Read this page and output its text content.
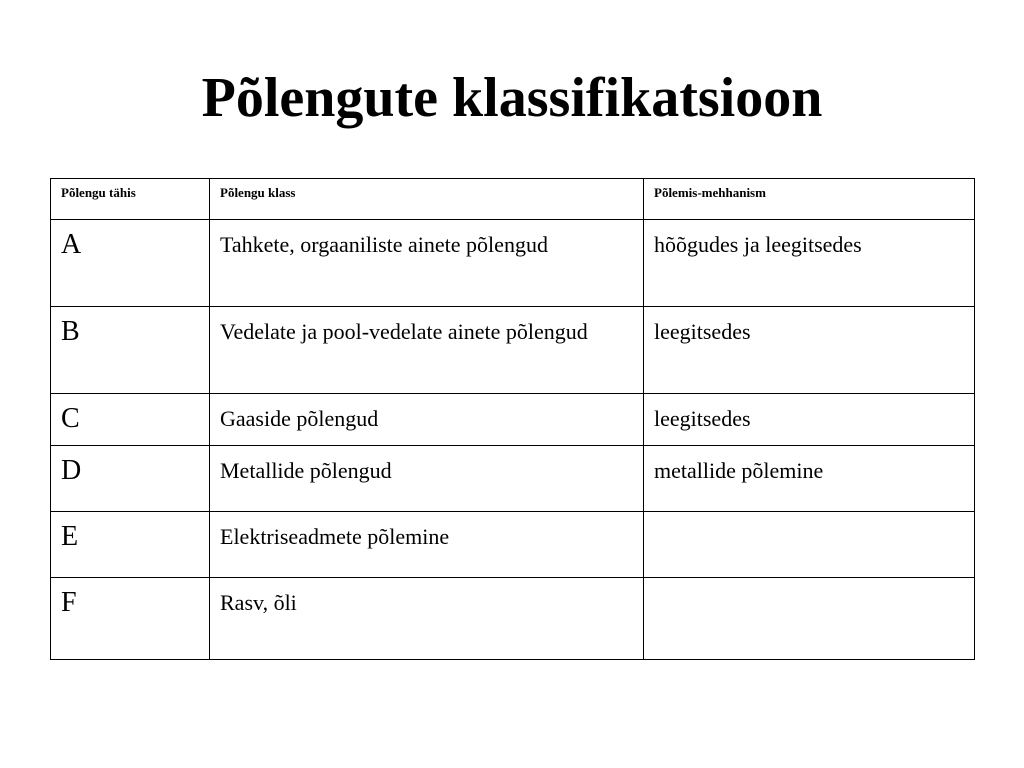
Põlengute klassifikatsioon
Põlengu tähis	Põlengu klass	Põlemis-mehhanism
A	Tahkete, orgaaniliste ainete põlengud	hõõgudes ja leegitsedes
B	Vedelate ja pool-vedelate ainete põlengud	leegitsedes
C	Gaaside põlengud	leegitsedes
D	Metallide põlengud	metallide põlemine
E	Elektriseadmete põlemine	
F	Rasv, õli	
